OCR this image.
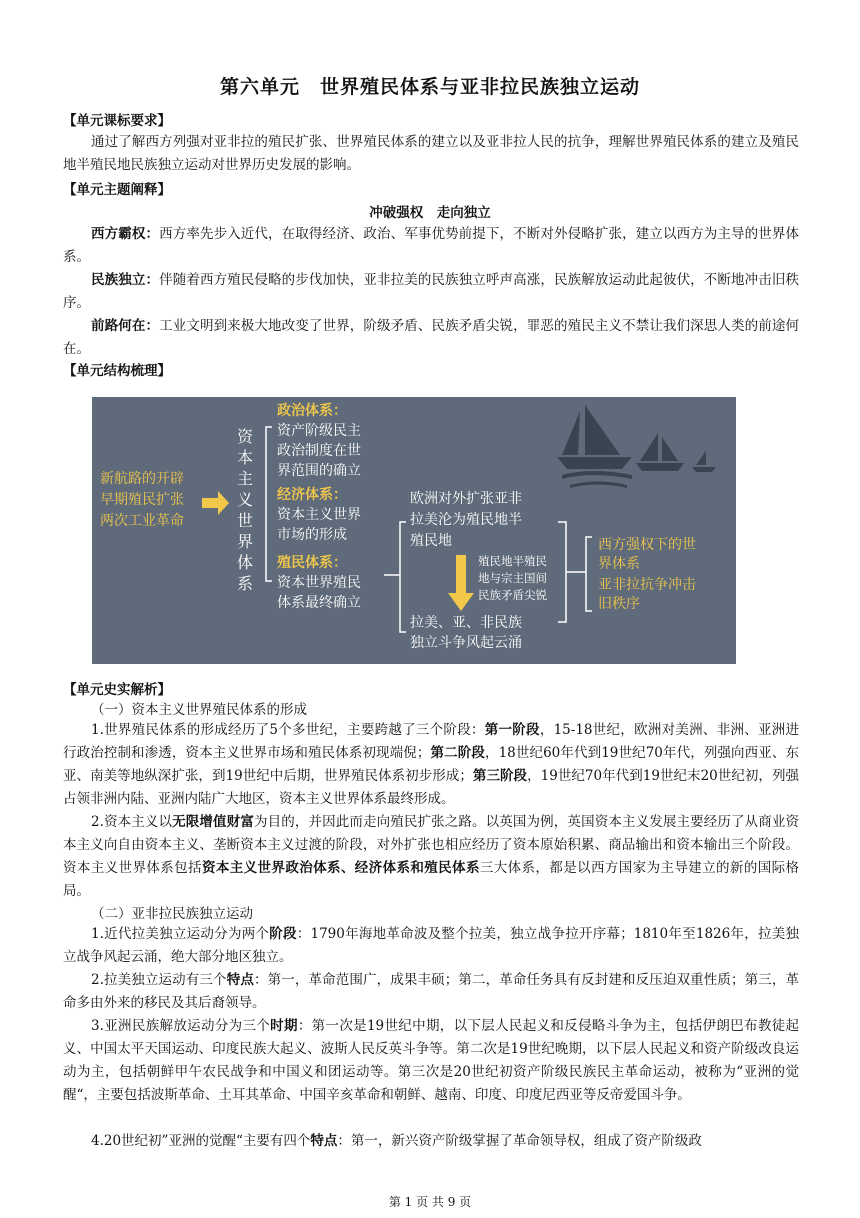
第六单元　世界殖民体系与亚非拉民族独立运动
【单元课标要求】

通过了解西方列强对亚非拉的殖民扩张、世界殖民体系的建立以及亚非拉人民的抗争，理解世界殖民体系的建立及殖民地半殖民地民族独立运动对世界历史发展的影响。

【单元主题阐释】
冲破强权　走向独立

西方霸权：西方率先步入近代，在取得经济、政治、军事优势前提下，不断对外侵略扩张，建立以西方为主导的世界体系。

民族独立：伴随着西方殖民侵略的步伐加快，亚非拉美的民族独立呼声高涨，民族解放运动此起彼伏，不断地冲击旧秩序。

前路何在：工业文明到来极大地改变了世界，阶级矛盾、民族矛盾尖锐，罪恶的殖民主义不禁让我们深思人类的前途何在。

【单元结构梳理】
新航路的开辟
早期殖民扩张
两次工业革命
资
本
主
义
世
界
体
系
政治体系：
资产阶级民主
政治制度在世
界范围的确立
经济体系：
资本主义世界
市场的形成
殖民体系：
资本世界殖民
体系最终确立
欧洲对外扩张亚非
拉美沦为殖民地半
殖民地
殖民地半殖民
地与宗主国间
民族矛盾尖锐
拉美、亚、非民族
独立斗争风起云涌
西方强权下的世
界体系
亚非拉抗争冲击
旧秩序
【单元史实解析】
（一）资本主义世界殖民体系的形成

1.世界殖民体系的形成经历了5个多世纪，主要跨越了三个阶段：第一阶段，15-18世纪，欧洲对美洲、非洲、亚洲进行政治控制和渗透，资本主义世界市场和殖民体系初现端倪；第二阶段，18世纪60年代到19世纪70年代，列强向西亚、东亚、南美等地纵深扩张，到19世纪中后期，世界殖民体系初步形成；第三阶段，19世纪70年代到19世纪末20世纪初，列强占领非洲内陆、亚洲内陆广大地区，资本主义世界体系最终形成。

2.资本主义以无限增值财富为目的，并因此而走向殖民扩张之路。以英国为例，英国资本主义发展主要经历了从商业资本主义向自由资本主义、垄断资本主义过渡的阶段，对外扩张也相应经历了资本原始积累、商品输出和资本输出三个阶段。资本主义世界体系包括资本主义世界政治体系、经济体系和殖民体系三大体系，都是以西方国家为主导建立的新的国际格局。

（二）亚非拉民族独立运动

1.近代拉美独立运动分为两个阶段：1790年海地革命波及整个拉美，独立战争拉开序幕；1810年至1826年，拉美独立战争风起云涌，绝大部分地区独立。

2.拉美独立运动有三个特点：第一，革命范围广，成果丰硕；第二，革命任务具有反封建和反压迫双重性质；第三，革命多由外来的移民及其后裔领导。

3.亚洲民族解放运动分为三个时期：第一次是19世纪中期，以下层人民起义和反侵略斗争为主，包括伊朗巴布教徒起义、中国太平天国运动、印度民族大起义、波斯人民反英斗争等。第二次是19世纪晚期，以下层人民起义和资产阶级改良运动为主，包括朝鲜甲午农民战争和中国义和团运动等。第三次是20世纪初资产阶级民族民主革命运动，被称为“亚洲的觉醒“，主要包括波斯革命、土耳其革命、中国辛亥革命和朝鲜、越南、印度、印度尼西亚等反帝爱国斗争。

4.20世纪初”亚洲的觉醒“主要有四个特点：第一，新兴资产阶级掌握了革命领导权，组成了资产阶级政

第 1 页 共 9 页
